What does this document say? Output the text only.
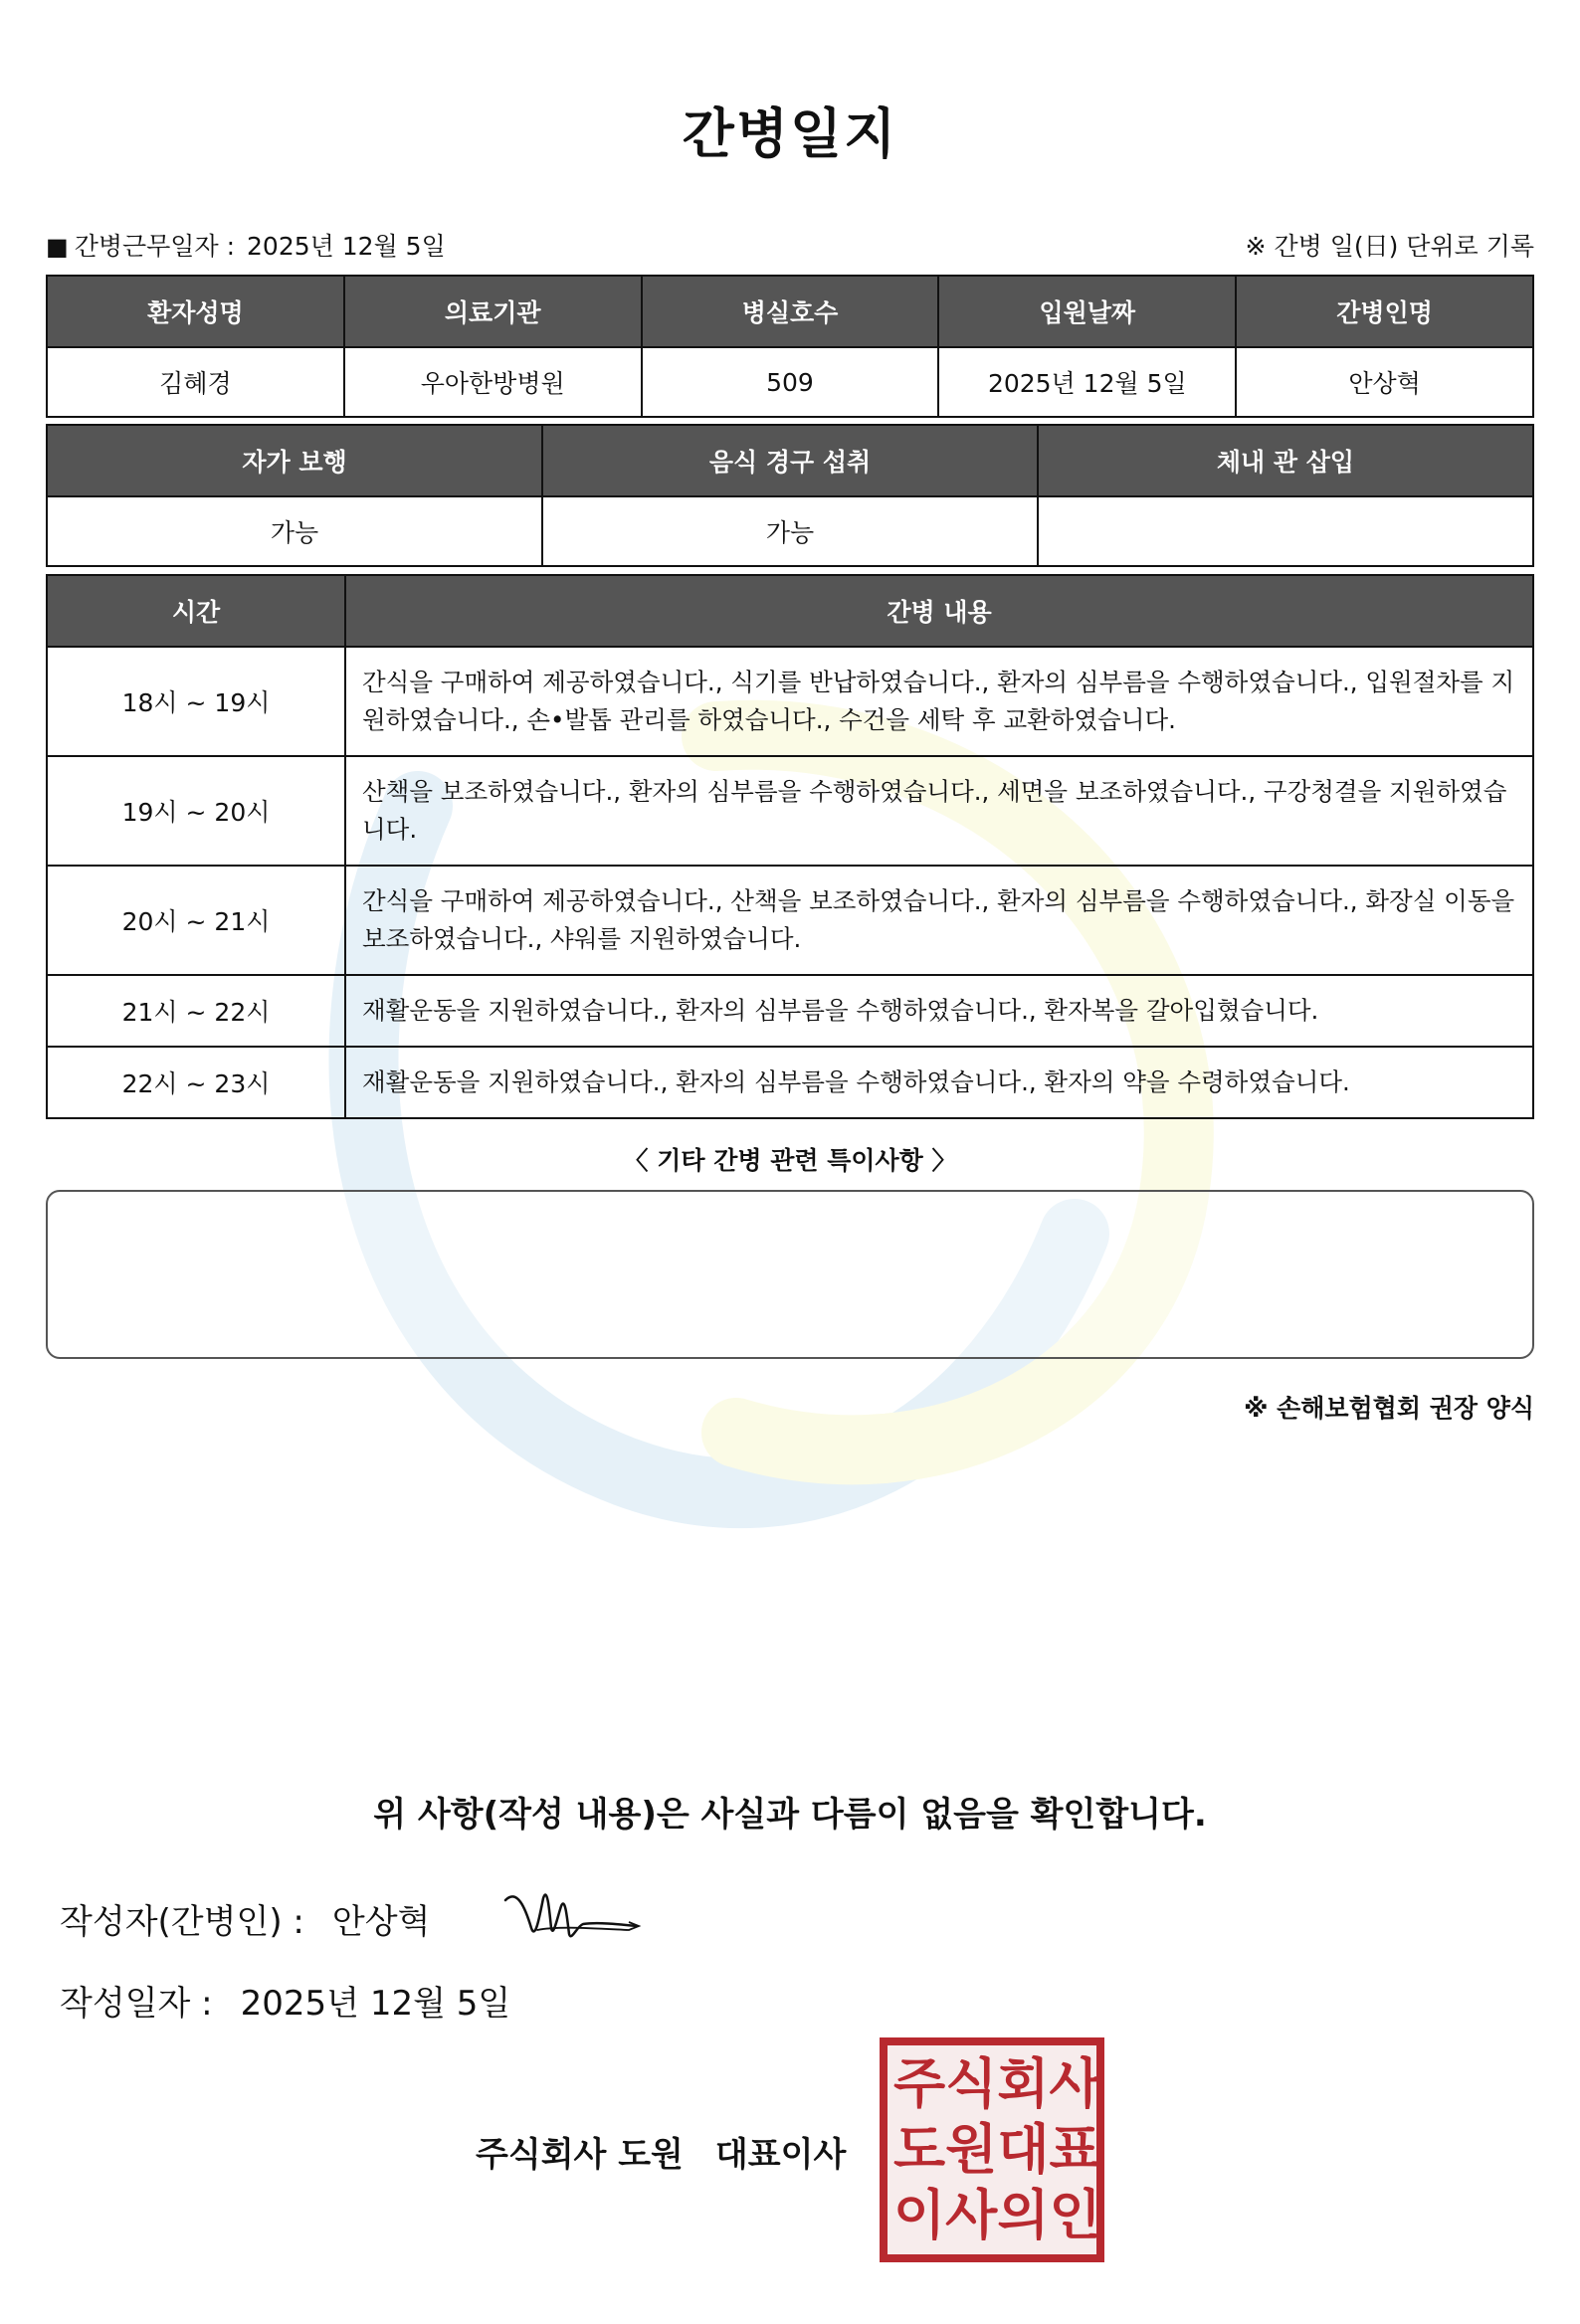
간병일지
■ 간병근무일자 : 2025년 12월 5일	※ 간병 일(日) 단위로 기록
환자성명	의료기관	병실호수	입원날짜	간병인명
김혜경	우아한방병원	509	2025년 12월 5일	안상혁
자가 보행	음식 경구 섭취	체내 관 삽입
가능	가능	
시간	간병 내용
18시 ~ 19시	간식을 구매하여 제공하였습니다., 식기를 반납하였습니다., 환자의 심부름을 수행하였습니다., 입원절차를 지원하였습니다., 손•발톱 관리를 하였습니다., 수건을 세탁 후 교환하였습니다.
19시 ~ 20시	산책을 보조하였습니다., 환자의 심부름을 수행하였습니다., 세면을 보조하였습니다., 구강청결을 지원하였습니다.
20시 ~ 21시	간식을 구매하여 제공하였습니다., 산책을 보조하였습니다., 환자의 심부름을 수행하였습니다., 화장실 이동을 보조하였습니다., 샤워를 지원하였습니다.
21시 ~ 22시	재활운동을 지원하였습니다., 환자의 심부름을 수행하였습니다., 환자복을 갈아입혔습니다.
22시 ~ 23시	재활운동을 지원하였습니다., 환자의 심부름을 수행하였습니다., 환자의 약을 수령하였습니다.
〈 기타 간병 관련 특이사항 〉
※ 손해보험협회 권장 양식
위 사항(작성 내용)은 사실과 다름이 없음을 확인합니다.
작성자(간병인) : 안상혁
작성일자 : 2025년 12월 5일
주식회사 도원 대표이사
주 식 회 사
도 원 대 표
이 사 의 인
